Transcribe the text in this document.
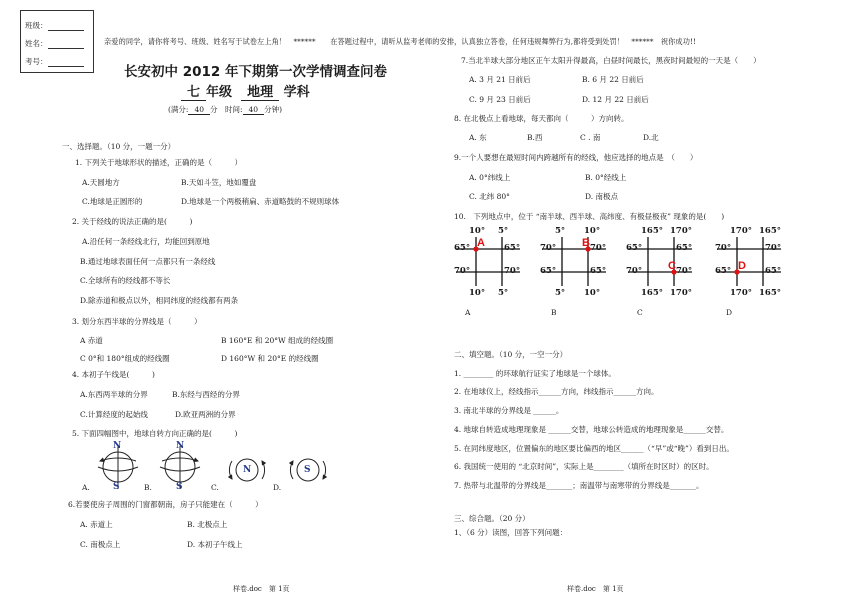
班级：
姓名：
考号：
亲爱的同学，请你将考号、班级、姓名写于试卷左上角！　******　　在答题过程中，请听从监考老师的安排，认真独立答卷，任何违规舞弊行为,都将受到处罚！　******　祝你成功!!
长安初中 2012 年下期第一次学情调查问卷
七 年级 地理 学科
(满分: 40 分　时间: 40 分钟)
一、选择题。（10 分，一题一分）
1. 下列关于地球形状的描述，正确的是（　　　）
A.天圆地方	B.天如斗笠，地如覆盘
C.地球是正圆形的	D.地球是一个两极稍扁、赤道略鼓的不规则球体
2. 关于经线的说法正确的是(　　　)
A.沿任何一条经线北行，均能回到原地
B.通过地球表面任何一点都只有一条经线
C.全球所有的经线都不等长
D.除赤道和极点以外，相同纬度的经线都有两条
3. 划分东西半球的分界线是（　　　）
A 赤道	B 160°E 和 20°W 组成的经线圈
C 0°和 180°组成的经线圈	D 160°W 和 20°E 的经线圈
4. 本初子午线是(　　　)
A.东西两半球的分界	B.东经与西经的分界
C.计算经度的起始线	D.欧亚两洲的分界
5. 下面四幅图中，地球自转方向正确的是(　　　)
6.若要使房子周围的门窗都朝南，房子只能建在（　　　）
A. 赤道上	B. 北极点上
C. 南极点上	D. 本初子午线上
7.当北半球大部分地区正午太阳升得最高，白昼时间最长，黑夜时间最短的一天是（　　）
A. 3 月 21 日前后	B. 6 月 22 日前后
C. 9 月 23 日前后	D. 12 月 22 日前后
8. 在北极点上看地球，每天都向（　　　）方向转。
A. 东	B.西	C . 南	D.北
9.一个人要想在最短时间内跨越所有的经线，他应选择的地点是　（　　）
A. 0°纬线上	B. 0°经线上
C. 北纬 80°	D. 南极点
10.　下列地点中，位于 “南半球、西半球、高纬度、有极昼极夜” 现象的是(　　)
二、填空题。（10 分，一空一分）
1. ________ 的环球航行证实了地球是一个球体。
2. 在地球仪上，经线指示______方向，纬线指示______方向。
3. 南北半球的分界线是 ______。
4. 地球自转造成地理现象是 ______交替，地球公转造成的地理现象是______交替。
5. 在同纬度地区，位置偏东的地区要比偏西的地区______（“早”或“晚”）看到日出。
6. 我国统一使用的 “北京时间”，实际上是________（填所在时区时）的区时。
7. 热带与北温带的分界线是_______；南温带与南寒带的分界线是_______。
三、综合题。（20 分）
1、（6 分）读图，回答下列问题：
N
S
N
S
N	S
A.	B.	C.	D.
10° 5°
10° 5°
65°
70°
65°
70°
A
A
5° 10°
5° 10°
70°
65°
70°
65°
B
B
165° 170°
165° 170°
65°
70°
65°
70°
C
C
170° 165°
170° 165°
70°
65°
70°
65°
D
D
样卷.doc　第 1页	样卷.doc　第 1页
